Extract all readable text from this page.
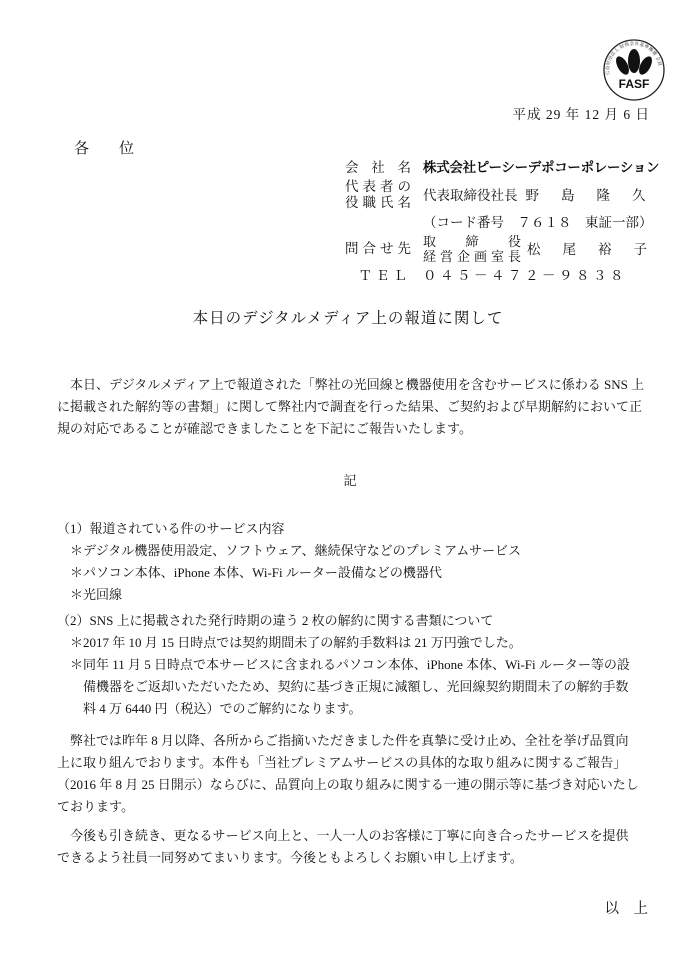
公益財団法人 財務会計基準機構 会員
FASF
平成 29 年 12 月 6 日
各　　位
会社名 株式会社ピーシーデポコーポレーション
代表者の
役職氏名 代表取締役社長 野島隆久
（コード番号　７６１８　東証一部）
問合せ先 取締役
経営企画室長 松尾裕子
ＴＥＬ ０４５－４７２－９８３８
本日のデジタルメディア上の報道に関して
　本日、デジタルメディア上で報道された「弊社の光回線と機器使用を含むサービスに係わる SNS 上
に掲載された解約等の書類」に関して弊社内で調査を行った結果、ご契約および早期解約において正
規の対応であることが確認できましたことを下記にご報告いたします。
記
（1）報道されている件のサービス内容
　＊デジタル機器使用設定、ソフトウェア、継続保守などのプレミアムサービス
　＊パソコン本体、iPhone 本体、Wi-Fi ルーター設備などの機器代
　＊光回線
（2）SNS 上に掲載された発行時期の違う 2 枚の解約に関する書類について
　＊2017 年 10 月 15 日時点では契約期間未了の解約手数料は 21 万円強でした。
　＊同年 11 月 5 日時点で本サービスに含まれるパソコン本体、iPhone 本体、Wi-Fi ルーター等の設
　　備機器をご返却いただいたため、契約に基づき正規に減額し、光回線契約期間未了の解約手数
　　料 4 万 6440 円（税込）でのご解約になります。
　弊社では昨年 8 月以降、各所からご指摘いただきました件を真摯に受け止め、全社を挙げ品質向
上に取り組んでおります。本件も「当社プレミアムサービスの具体的な取り組みに関するご報告」
（2016 年 8 月 25 日開示）ならびに、品質向上の取り組みに関する一連の開示等に基づき対応いたし
ております。
　今後も引き続き、更なるサービス向上と、一人一人のお客様に丁寧に向き合ったサービスを提供
できるよう社員一同努めてまいります。今後ともよろしくお願い申し上げます。
以　上
